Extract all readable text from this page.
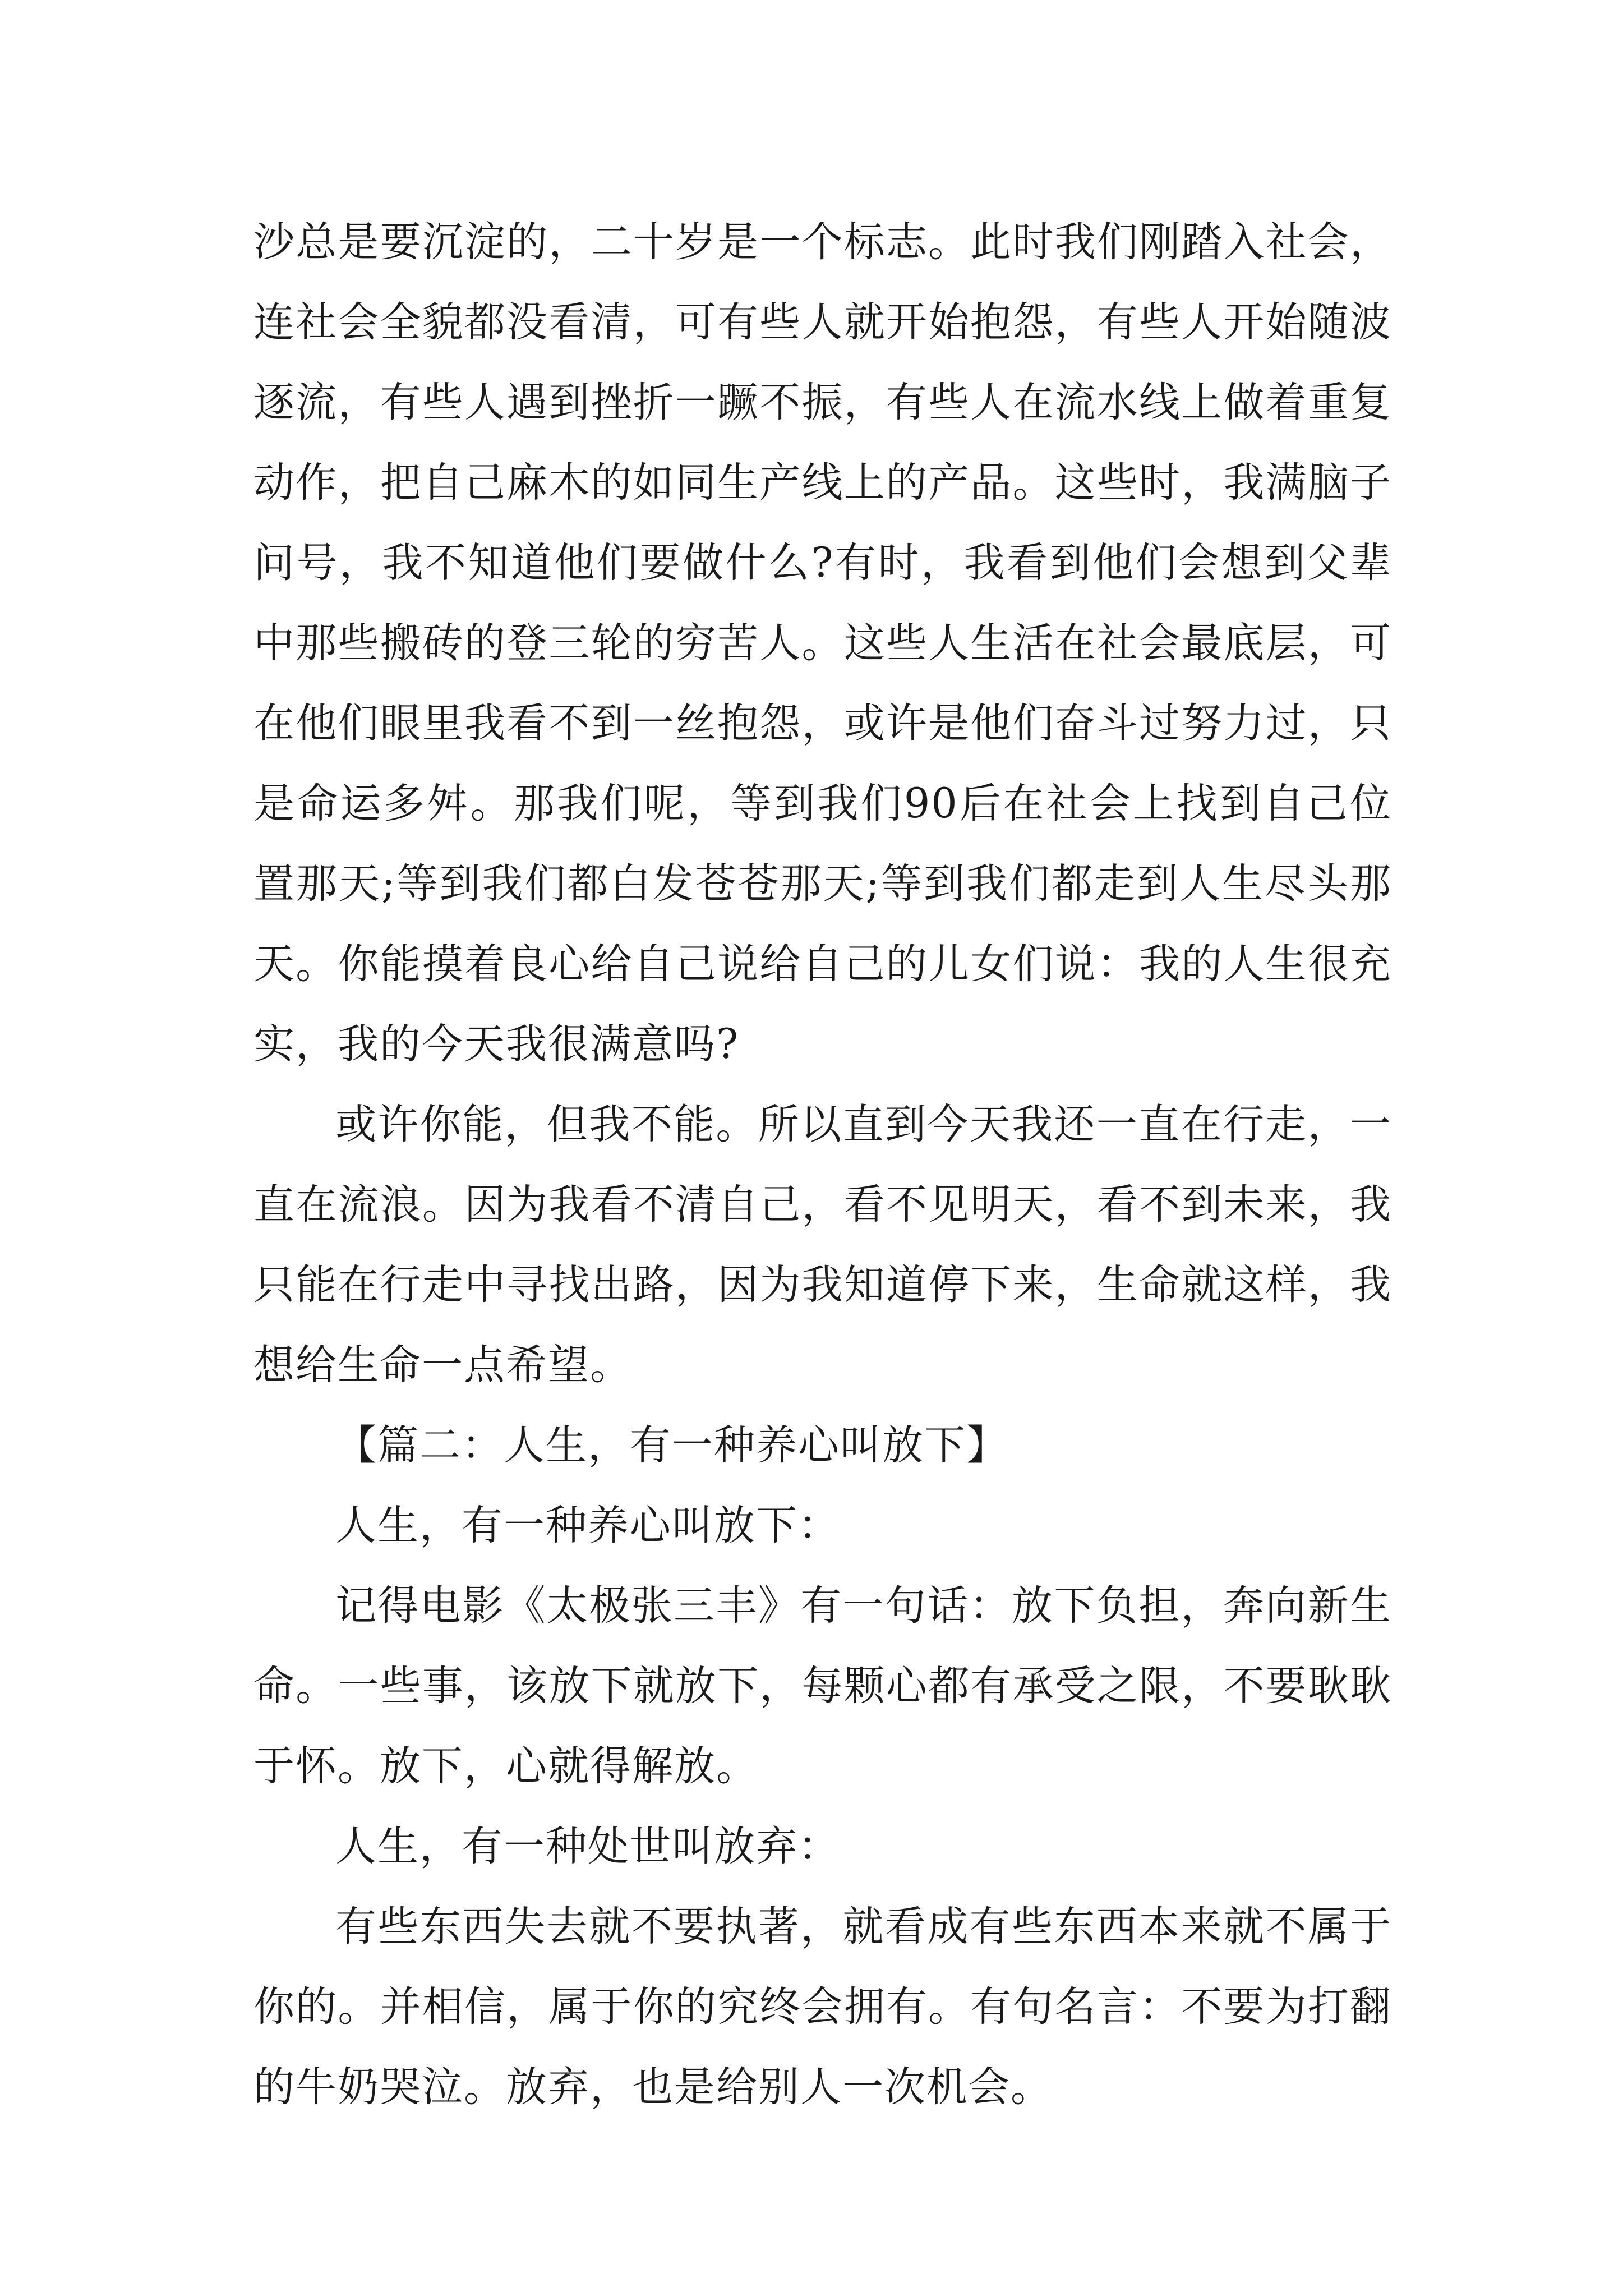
沙总是要沉淀的，二十岁是一个标志。此时我们刚踏入社会，连社会全貌都没看清，可有些人就开始抱怨，有些人开始随波逐流，有些人遇到挫折一蹶不振，有些人在流水线上做着重复动作，把自己麻木的如同生产线上的产品。这些时，我满脑子问号，我不知道他们要做什么?有时，我看到他们会想到父辈中那些搬砖的登三轮的穷苦人。这些人生活在社会最底层，可在他们眼里我看不到一丝抱怨，或许是他们奋斗过努力过，只是命运多舛。那我们呢，等到我们90后在社会上找到自己位置那天;等到我们都白发苍苍那天;等到我们都走到人生尽头那天。你能摸着良心给自己说给自己的儿女们说：我的人生很充实，我的今天我很满意吗?

或许你能，但我不能。所以直到今天我还一直在行走，一直在流浪。因为我看不清自己，看不见明天，看不到未来，我只能在行走中寻找出路，因为我知道停下来，生命就这样，我想给生命一点希望。

【篇二：人生，有一种养心叫放下】

人生，有一种养心叫放下：

记得电影《太极张三丰》有一句话：放下负担，奔向新生命。一些事，该放下就放下，每颗心都有承受之限，不要耿耿于怀。放下，心就得解放。

人生，有一种处世叫放弃：

有些东西失去就不要执著，就看成有些东西本来就不属于你的。并相信，属于你的究终会拥有。有句名言：不要为打翻的牛奶哭泣。放弃，也是给别人一次机会。
